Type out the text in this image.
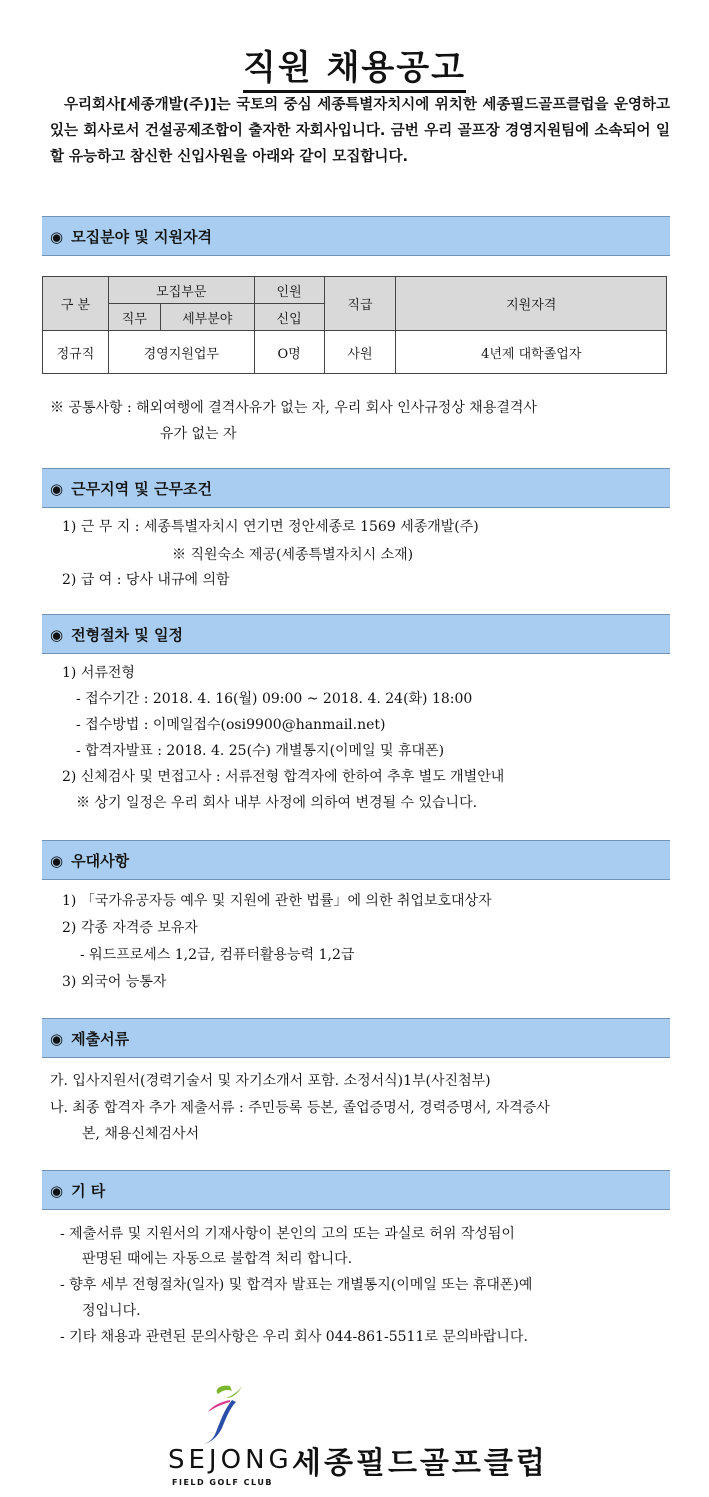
직원 채용공고
우리회사[세종개발(주)]는 국토의 중심 세종특별자치시에 위치한 세종필드골프클럽을 운영하고 있는 회사로서 건설공제조합이 출자한 자회사입니다. 금번 우리 골프장 경영지원팀에 소속되어 일할 유능하고 참신한 신입사원을 아래와 같이 모집합니다.
◉ 모집분야 및 지원자격
구 분	모집부문		인원	직급	지원자격
	직무	세부분야	신입		
정규직	경영지원업무		O명	사원	4년제 대학졸업자
※ 공통사항 : 해외여행에 결격사유가 없는 자, 우리 회사 인사규정상 채용결격사
유가 없는 자
◉ 근무지역 및 근무조건
1) 근 무 지 : 세종특별자치시 연기면 정안세종로 1569 세종개발(주)
※ 직원숙소 제공(세종특별자치시 소재)
2) 급 여 : 당사 내규에 의함
◉ 전형절차 및 일정
1) 서류전형
- 접수기간 : 2018. 4. 16(월) 09:00 ~ 2018. 4. 24(화) 18:00
- 접수방법 : 이메일접수(osi9900@hanmail.net)
- 합격자발표 : 2018. 4. 25(수) 개별통지(이메일 및 휴대폰)
2) 신체검사 및 면접고사 : 서류전형 합격자에 한하여 추후 별도 개별안내
※ 상기 일정은 우리 회사 내부 사정에 의하여 변경될 수 있습니다.
◉ 우대사항
1) 「국가유공자등 예우 및 지원에 관한 법률」에 의한 취업보호대상자
2) 각종 자격증 보유자
- 워드프로세스 1,2급, 컴퓨터활용능력 1,2급
3) 외국어 능통자
◉ 제출서류
가. 입사지원서(경력기술서 및 자기소개서 포함. 소정서식)1부(사진첨부)
나. 최종 합격자 추가 제출서류 : 주민등록 등본, 졸업증명서, 경력증명서, 자격증사
본, 채용신체검사서
◉ 기 타
- 제출서류 및 지원서의 기재사항이 본인의 고의 또는 과실로 허위 작성됨이
판명된 때에는 자동으로 불합격 처리 합니다.
- 향후 세부 전형절차(일자) 및 합격자 발표는 개별통지(이메일 또는 휴대폰)예
정입니다.
- 기타 채용과 관련된 문의사항은 우리 회사 044-861-5511로 문의바랍니다.
SEJONG
FIELD GOLF CLUB
세종필드골프클럽
